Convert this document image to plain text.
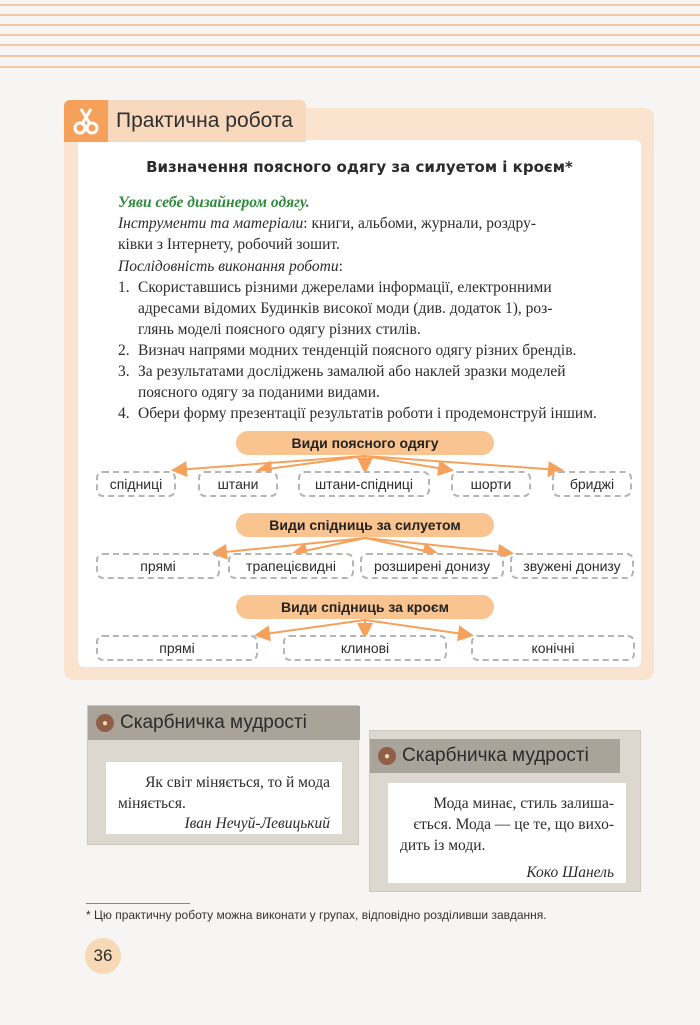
Практична робота
Визначення поясного одягу за силуетом і кроєм*
Уяви себе дизайнером одягу.
Інструменти та матеріали: книги, альбоми, журнали, роздру-
ківки з Інтернету, робочий зошит.
Послідовність виконання роботи:
1. Скориставшись різними джерелами інформації, електронними
адресами відомих Будинків високої моди (див. додаток 1), роз-
глянь моделі поясного одягу різних стилів.
2. Визнач напрями модних тенденцій поясного одягу різних брендів.
3. За результатами досліджень замалюй або наклей зразки моделей
поясного одягу за поданими видами.
4. Обери форму презентації результатів роботи і продемонструй іншим.
Види поясного одягу
спідниці	штани	штани-спідниці	шорти	бриджі
Види спідниць за силуетом
прямі	трапецієвидні	розширені донизу	звужені донизу
Види спідниць за кроєм
прямі	клинові	конічні
● Скарбничка мудрості
Як світ міняється, то й мода
міняється.
Іван Нечуй-Левицький
● Скарбничка мудрості
Мода минає, стиль залиша-
ється. Мода — це те, що вихо-
дить із моди.
Коко Шанель
* Цю практичну роботу можна виконати у групах, відповідно розділивши завдання.
36
